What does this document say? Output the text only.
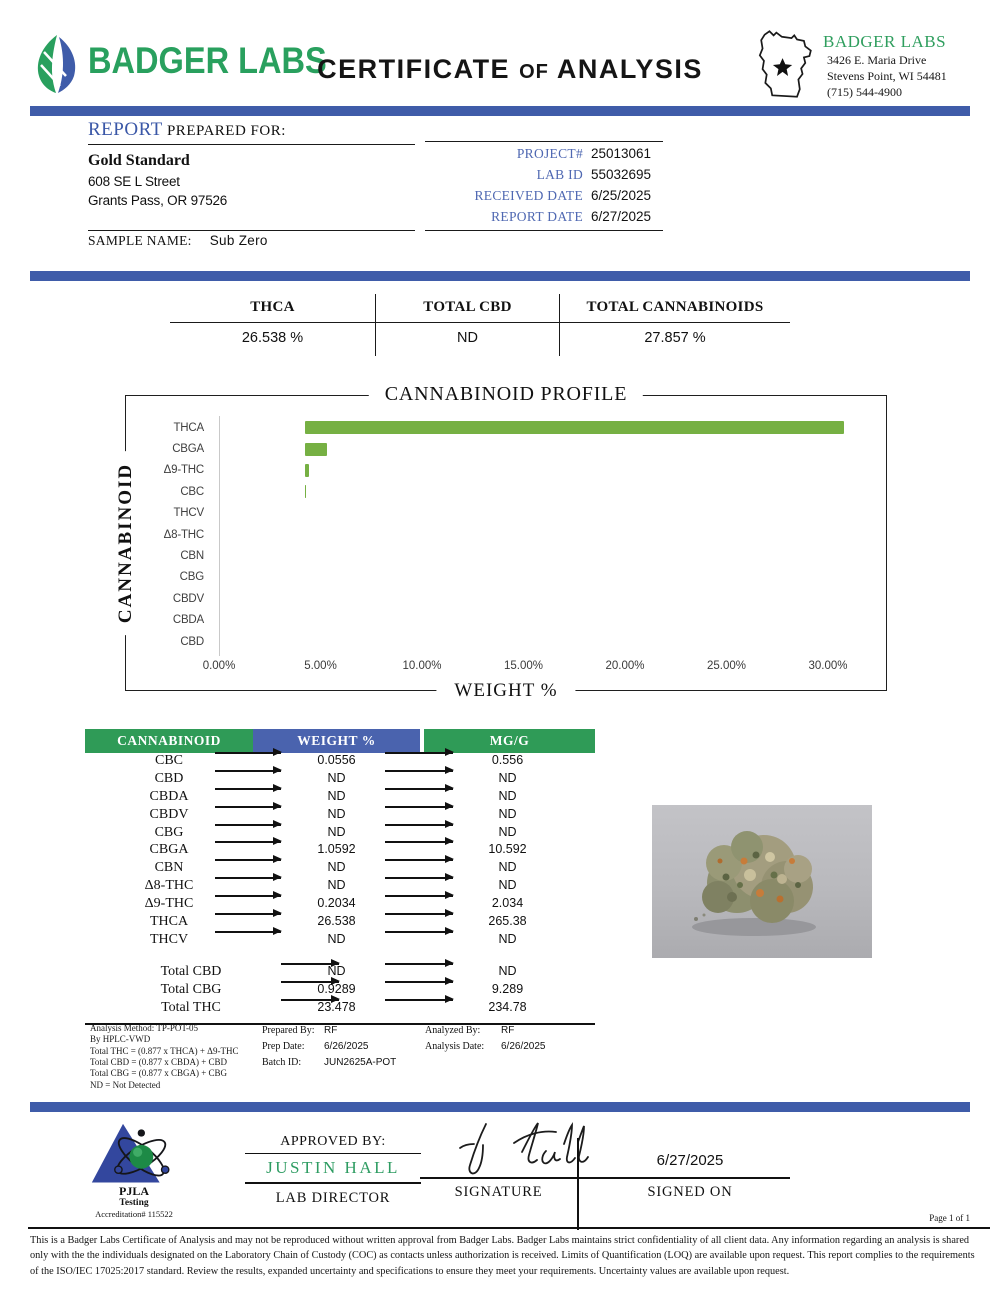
BADGER LABS
CERTIFICATE OF ANALYSIS
BADGER LABS
3426 E. Maria Drive
Stevens Point, WI 54481
(715) 544-4900
REPORT PREPARED FOR:
Gold Standard
608 SE L Street
Grants Pass, OR 97526
PROJECT# 25013061
LAB ID 55032695
RECEIVED DATE 6/25/2025
REPORT DATE 6/27/2025
SAMPLE NAME: Sub Zero
THCA	TOTAL CBD	TOTAL CANNABINOIDS
26.538 %	ND	27.857 %
CANNABINOID PROFILE
CANNABINOID
WEIGHT %
THCA
CBGA
Δ9-THC
CBC
THCV
Δ8-THC
CBN
CBG
CBDV
CBDA
CBD
0.00%	5.00%	10.00%	15.00%	20.00%	25.00%	30.00%
CANNABINOID	WEIGHT %	MG/G
CBC	0.0556	0.556
CBD	ND	ND
CBDA	ND	ND
CBDV	ND	ND
CBG	ND	ND
CBGA	1.0592	10.592
CBN	ND	ND
Δ8-THC	ND	ND
Δ9-THC	0.2034	2.034
THCA	26.538	265.38
THCV	ND	ND
Total CBD	ND	ND
Total CBG	0.9289	9.289
Total THC	23.478	234.78
Analysis Method: TP-POT-05
By HPLC-VWD
Total THC = (0.877 x THCA) + Δ9-THC
Total CBD = (0.877 x CBDA) + CBD
Total CBG = (0.877 x CBGA) + CBG
ND = Not Detected
Prepared By: RF
Prep Date:	6/26/2025
Batch ID:	JUN2625A-POT
Analyzed By:	RF
Analysis Date:	6/26/2025
PJLA
Testing
Accreditation# 115522
APPROVED BY:
JUSTIN HALL
LAB DIRECTOR	SIGNATURE
6/27/2025
SIGNED ON
Page 1 of 1
This is a Badger Labs Certificate of Analysis and may not be reproduced without written approval from Badger Labs. Badger Labs maintains strict confidentiality of all client data. Any information regarding an analysis is shared only with the the individuals designated on the Laboratory Chain of Custody (COC) as contacts unless authorization is received. Limits of Quantification (LOQ) are available upon request. This report complies to the requirements of the ISO/IEC 17025:2017 standard. Review the results, expanded uncertainty and specifications to ensure they meet your requirements. Uncertainty values are available upon request.
